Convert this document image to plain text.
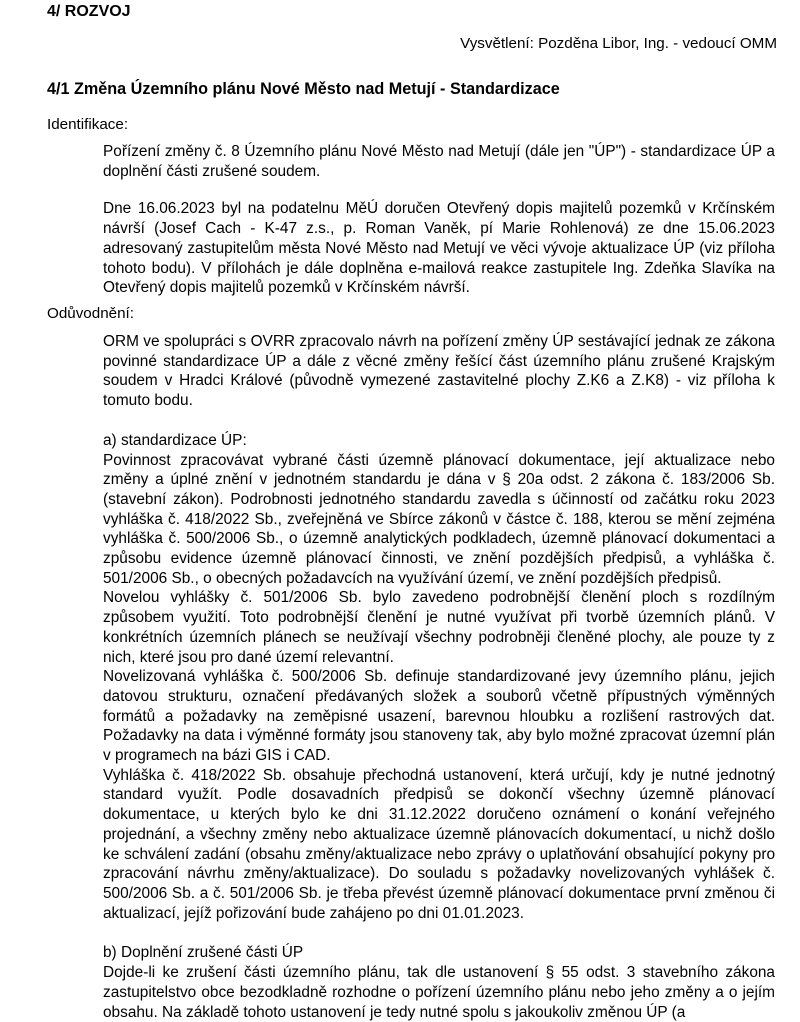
4/ ROZVOJ

Vysvětlení: Pozděna Libor, Ing. - vedoucí OMM

4/1 Změna Územního plánu Nové Město nad Metují - Standardizace

Identifikace:

Pořízení změny č. 8 Územního plánu Nové Město nad Metují (dále jen "ÚP") - standardizace ÚP a doplnění části zrušené soudem.

Dne 16.06.2023 byl na podatelnu MěÚ doručen Otevřený dopis majitelů pozemků v Krčínském návrší (Josef Cach - K-47 z.s., p. Roman Vaněk, pí Marie Rohlenová) ze dne 15.06.2023 adresovaný zastupitelům města Nové Město nad Metují ve věci vývoje aktualizace ÚP (viz příloha tohoto bodu). V přílohách je dále doplněna e-mailová reakce zastupitele Ing. Zdeňka Slavíka na Otevřený dopis majitelů pozemků v Krčínském návrší.

Odůvodnění:

ORM ve spolupráci s OVRR zpracovalo návrh na pořízení změny ÚP sestávající jednak ze zákona povinné standardizace ÚP a dále z věcné změny řešící část územního plánu zrušené Krajským soudem v Hradci Králové (původně vymezené zastavitelné plochy Z.K6 a Z.K8) - viz příloha k tomuto bodu.

a) standardizace ÚP:

Povinnost zpracovávat vybrané části územně plánovací dokumentace, její aktualizace nebo změny a úplné znění v jednotném standardu je dána v § 20a odst. 2 zákona č. 183/2006 Sb. (stavební zákon). Podrobnosti jednotného standardu zavedla s účinností od začátku roku 2023 vyhláška č. 418/2022 Sb., zveřejněná ve Sbírce zákonů v částce č. 188, kterou se mění zejména vyhláška č. 500/2006 Sb., o územně analytických podkladech, územně plánovací dokumentaci a způsobu evidence územně plánovací činnosti, ve znění pozdějších předpisů, a vyhláška č. 501/2006 Sb., o obecných požadavcích na využívání území, ve znění pozdějších předpisů.

Novelou vyhlášky č. 501/2006 Sb. bylo zavedeno podrobnější členění ploch s rozdílným způsobem využití. Toto podrobnější členění je nutné využívat při tvorbě územních plánů. V konkrétních územních plánech se neužívají všechny podrobněji členěné plochy, ale pouze ty z nich, které jsou pro dané území relevantní.

Novelizovaná vyhláška č. 500/2006 Sb. definuje standardizované jevy územního plánu, jejich datovou strukturu, označení předávaných složek a souborů včetně přípustných výměnných formátů a požadavky na zeměpisné usazení, barevnou hloubku a rozlišení rastrových dat. Požadavky na data i výměnné formáty jsou stanoveny tak, aby bylo možné zpracovat územní plán v programech na bázi GIS i CAD.

Vyhláška č. 418/2022 Sb. obsahuje přechodná ustanovení, která určují, kdy je nutné jednotný standard využít. Podle dosavadních předpisů se dokončí všechny územně plánovací dokumentace, u kterých bylo ke dni 31.12.2022 doručeno oznámení o konání veřejného projednání, a všechny změny nebo aktualizace územně plánovacích dokumentací, u nichž došlo ke schválení zadání (obsahu změny/aktualizace nebo zprávy o uplatňování obsahující pokyny pro zpracování návrhu změny/aktualizace). Do souladu s požadavky novelizovaných vyhlášek č. 500/2006 Sb. a č. 501/2006 Sb. je třeba převést územně plánovací dokumentace první změnou či aktualizací, jejíž pořizování bude zahájeno po dni 01.01.2023.

b) Doplnění zrušené části ÚP

Dojde-li ke zrušení části územního plánu, tak dle ustanovení § 55 odst. 3 stavebního zákona zastupitelstvo obce bezodkladně rozhodne o pořízení územního plánu nebo jeho změny a o jejím obsahu. Na základě tohoto ustanovení je tedy nutné spolu s jakoukoliv změnou ÚP (a
